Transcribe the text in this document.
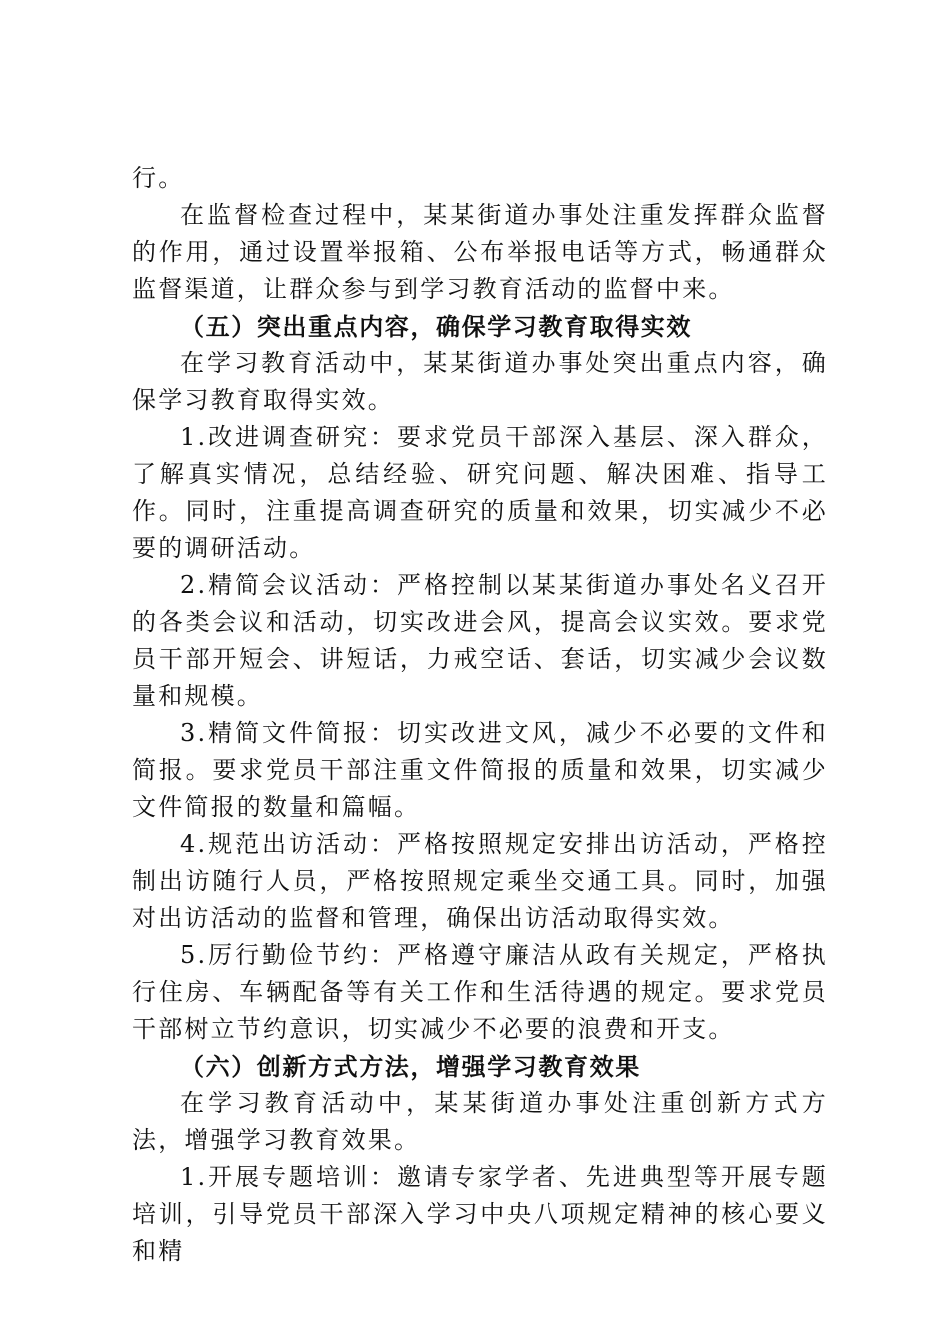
行。

在监督检查过程中，某某街道办事处注重发挥群众监督的作用，通过设置举报箱、公布举报电话等方式，畅通群众监督渠道，让群众参与到学习教育活动的监督中来。

（五）突出重点内容，确保学习教育取得实效

在学习教育活动中，某某街道办事处突出重点内容，确保学习教育取得实效。

1.改进调查研究：要求党员干部深入基层、深入群众，了解真实情况，总结经验、研究问题、解决困难、指导工作。同时，注重提高调查研究的质量和效果，切实减少不必要的调研活动。

2.精简会议活动：严格控制以某某街道办事处名义召开的各类会议和活动，切实改进会风，提高会议实效。要求党员干部开短会、讲短话，力戒空话、套话，切实减少会议数量和规模。

3.精简文件简报：切实改进文风，减少不必要的文件和简报。要求党员干部注重文件简报的质量和效果，切实减少文件简报的数量和篇幅。

4.规范出访活动：严格按照规定安排出访活动，严格控制出访随行人员，严格按照规定乘坐交通工具。同时，加强对出访活动的监督和管理，确保出访活动取得实效。

5.厉行勤俭节约：严格遵守廉洁从政有关规定，严格执行住房、车辆配备等有关工作和生活待遇的规定。要求党员干部树立节约意识，切实减少不必要的浪费和开支。

（六）创新方式方法，增强学习教育效果

在学习教育活动中，某某街道办事处注重创新方式方法，增强学习教育效果。

1.开展专题培训：邀请专家学者、先进典型等开展专题培训，引导党员干部深入学习中央八项规定精神的核心要义和精
